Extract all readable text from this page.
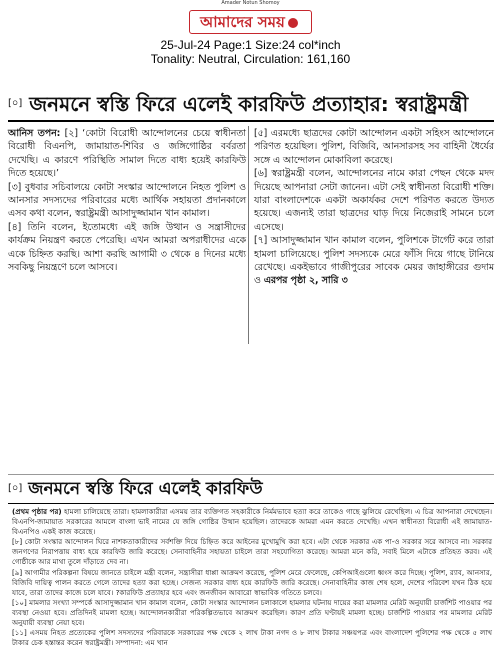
Amader Notun Shomoy
আমাদের সময়
25-Jul-24 Page:1 Size:24 col*inch
Tonality: Neutral, Circulation: 161,160
[০] জনমনে স্বস্তি ফিরে এলেই কারফিউ প্রত্যাহার: স্বরাষ্ট্রমন্ত্রী

আনিস তপন: [২] ‘কোটা বিরোধী আন্দোলনের চেয়ে স্বাধীনতা বিরোধী বিএনপি, জামায়াত-শিবির ও জঙ্গিগোষ্ঠির বর্বরতা দেখেছি। এ কারণে পরিস্থিতি সামাল দিতে বাধ্য হয়েই কারফিউ দিতে হয়েছে।’

[৩] বুধবার সচিবালয়ে কোটা সংস্কার আন্দোলনে নিহত পুলিশ ও আনসার সদস্যদের পরিবারের মধ্যে আর্থিক সহায়তা প্রদানকালে এসব কথা বলেন, স্বরাষ্ট্রমন্ত্রী আসাদুজ্জামান খান কামাল।

[৪] তিনি বলেন, ইতোমধ্যে এই জঙ্গি উত্থান ও সন্ত্রাসীদের কার্যক্রম নিয়ন্ত্রণ করতে পেরেছি। এখন আমরা অপরাধীদের একে একে চিহ্নিত করছি। আশা করছি আগামী ৩ থেকে ৪ দিনের মধ্যে সবকিছু নিয়ন্ত্রণে চলে আসবে।

[৫] এরমধ্যে ছাত্রদের কোটা আন্দোলন একটা সহিংস আন্দোলনে পরিণত হয়েছিল। পুলিশ, বিজিবি, আনসারসহ সব বাহিনী ধৈর্যের সঙ্গে এ আন্দোলন মোকাবিলা করেছে।

[৬] স্বরাষ্ট্রমন্ত্রী বলেন, আন্দোলনের নামে কারা পেছন থেকে মদদ দিয়েছে আপনারা সেটা জানেন। এটা সেই স্বাধীনতা বিরোধী শক্তি। যারা বাংলাদেশকে একটা অকার্যকর দেশে পরিণত করতে উদ্যত হয়েছে। এজন্যই তারা ছাত্রদের ঘাড় দিয়ে নিজেরাই সামনে চলে এসেছে।

[৭] আসাদুজ্জামান খান কামাল বলেন, পুলিশকে টার্গেট করে তারা হামলা চালিয়েছে। পুলিশ সদস্যকে মেরে ফাঁসি দিয়ে গাছে টানিয়ে রেখেছে। একইভাবে গাজীপুরের সাবেক মেয়র জাহাঙ্গীরের গুদাম ও এরপর পৃষ্ঠা ২, সারি ৩

[০] জনমনে স্বস্তি ফিরে এলেই কারফিউ

(প্রথম পৃষ্ঠার পর) হামলা চালিয়েছে তারা। হামলাকারীরা এসময় তার ব্যক্তিগত সহকারীকে নির্মমভাবে হত্যা করে তাকেও গাছে ঝুলিয়ে রেখেছিল। এ চিত্র আপনারা দেখেছেন। বিএনপি-জামায়াত সরকারের আমলে বাংলা ভাই নামের যে জঙ্গি গোষ্ঠির উত্থান হয়েছিল। তাদেরকে আমরা এমন করতে দেখেছি। এখন স্বাধীনতা বিরোধী এই জামায়াত-বিএনপিও একই কাজ করেছে।

[৮] কোটা সংস্কার আন্দোলন ঘিরে নাশকতাকারীদের সর্বশক্তি দিয়ে চিহ্নিত করে আইনের মুখোমুখি করা হবে। এটা থেকে সরকার এক পা-ও সরকার সরে আসবে না। সরকার জনগণের নিরাপত্তায় বাধ্য হয়ে কারফিউ জারি করেছে। সেনাবাহিনীর সহায়তা চাইলে তারা সহযোগিতা করেছে। আমরা মনে করি, সবাই মিলে এটাকে প্রতিহত করব। এই গোষ্ঠীকে আর মাথা তুলে দাঁড়াতে দেব না।

[৯] আগামীর পরিকল্পনা বিষয়ে জানতে চাইলে মন্ত্রী বলেন, সন্ত্রাসীরা ধাপ্পা আক্রমণ করেছে, পুলিশ মেরে ফেলেছে, কেপিআইগুলো ধ্বংস করে দিচ্ছে। পুলিশ, র‌্যাব, আনসার, বিজিবি দায়িত্ব পালন করতে গেলে তাদের হত্যা করা হচ্ছে। সেজন্য সরকার বাধ্য হয়ে কারফিউ জারি করেছে। সেনাবাহিনীর কাজ শেষ হলে, দেশের পরিবেশ যখন ঠিক হয়ে যাবে, তারা তাদের কাজে চলে যাবে। ?কারফিউ প্রত্যাহার হবে এবং জনজীবন আবারো স্বাভাবিক গতিতে চলবে।

[১০] মামলার সংখ্যা সম্পর্কে আসাদুজ্জামান খান কামাল বলেন, কোটা সংস্কার আন্দোলন চলাকালে হামলার ঘটনায় দায়ের করা মামলার মেরিট অনুযায়ী চার্জশিট পাওয়ার পর ব্যবস্থা নেওয়া হবে। প্রতিদিনই মামলা হচ্ছে। আন্দোলনকারীরা পরিকল্পিতভাবে আক্রমণ করেছিল। কারণ প্রতি ঘণ্টায়ই মামলা হচ্ছে। চার্জশিট পাওয়ার পর মামলার মেরিট অনুযায়ী ব্যবস্থা নেয়া হবে।

[১১] এসময় নিহত প্রত্যেকের পুলিশ সদস্যদের পরিবারকে সরকারের পক্ষ থেকে ২ লাখ টাকা নগদ ও ৮ লাখ টাকার সঞ্চয়পত্র এবং বাংলাদেশ পুলিশের পক্ষ থেকে ৫ লাখ টাকার চেক হস্তান্তর করেন স্বরাষ্ট্রমন্ত্রী। সম্পাদনা: এম খান
